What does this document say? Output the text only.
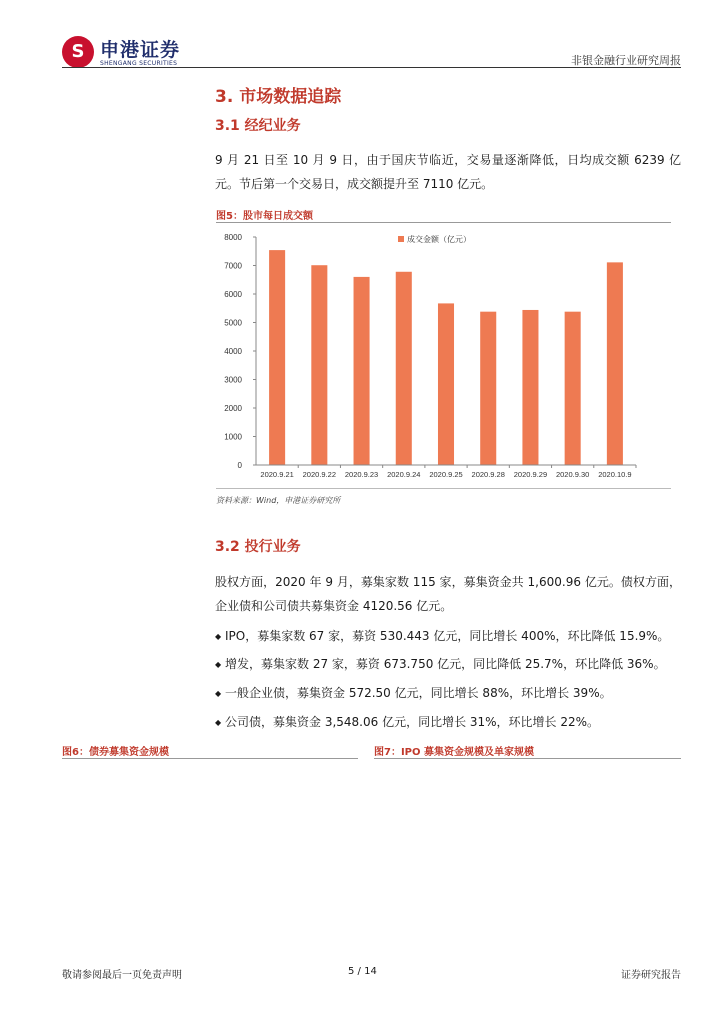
S 申港证券
SHENGANG SECURITIES	非银金融行业研究周报
3. 市场数据追踪
3.1 经纪业务
9 月 21 日至 10 月 9 日，由于国庆节临近，交易量逐渐降低，日均成交额 6239 亿元。节后第一个交易日，成交额提升至 7110 亿元。
图5：股市每日成交额
0
1000
2000
3000
4000
5000
6000
7000
8000
2020.9.21 2020.9.22 2020.9.23 2020.9.24 2020.9.25 2020.9.28 2020.9.29 2020.9.30 2020.10.9
成交金额（亿元）
资料来源：Wind，申港证券研究所
3.2 投行业务
股权方面，2020 年 9 月，募集家数 115 家，募集资金共 1,600.96 亿元。债权方面，企业债和公司债共募集资金 4120.56 亿元。
◆ IPO，募集家数 67 家，募资 530.443 亿元，同比增长 400%，环比降低 15.9%。
◆ 增发，募集家数 27 家，募资 673.750 亿元，同比降低 25.7%，环比降低 36%。
◆ 一般企业债，募集资金 572.50 亿元，同比增长 88%，环比增长 39%。
◆ 公司债，募集资金 3,548.06 亿元，同比增长 31%，环比增长 22%。
图6：债券募集资金规模	图7：IPO 募集资金规模及单家规模
敬请参阅最后一页免责声明	5 / 14	证券研究报告
